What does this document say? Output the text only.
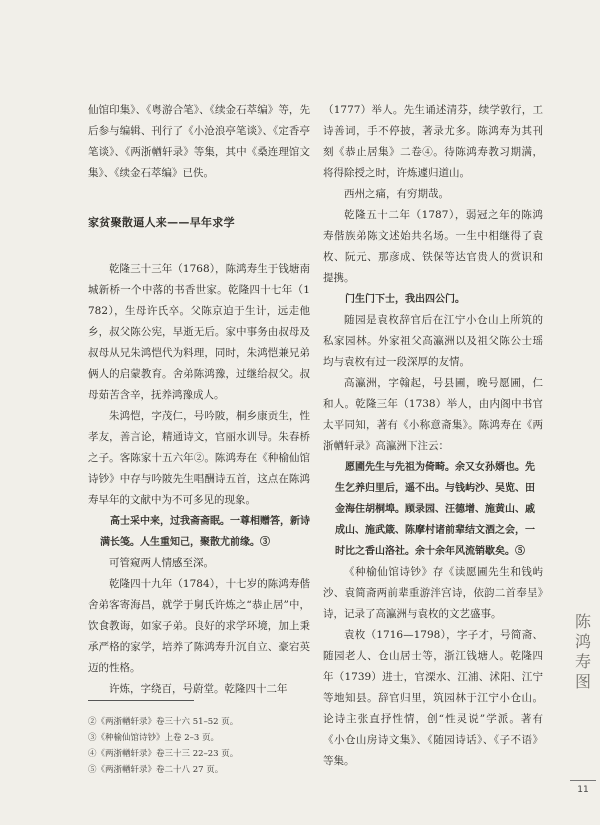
仙馆印集》、《粤游合笔》、《续金石萃编》等，先后参与编辑、刊行了《小沧浪亭笔谈》、《定香亭笔谈》、《两浙輶轩录》等集，其中《桑连理馆文集》、《续金石萃编》已佚。

家贫聚散逼人来——早年求学

乾隆三十三年（1768），陈鸿寿生于钱塘南城新桥一个中落的书香世家。乾隆四十七年（1782），生母许氏卒。父陈京迫于生计，远走他乡，叔父陈公宪，早逝无后。家中事务由叔母及叔母从兄朱鸿恺代为料理，同时，朱鸿恺兼兄弟俩人的启蒙教育。舍弟陈鸿豫，过继给叔父。叔母茹苦含辛，抚养鸿豫成人。

朱鸿恺，字茂仁，号吟陂，桐乡康贡生，性孝友，善言论，精通诗文，官丽水训导。朱春桥之子。客陈家十五六年②。陈鸿寿在《种榆仙馆诗钞》中存与吟陂先生唱酬诗五首，这点在陈鸿寿早年的文献中为不可多见的现象。

高士采中来，过我斋斋眠。一尊相赠答，新诗满长笺。人生重知己，聚散尤前缘。③

可管窥两人情感至深。

乾隆四十九年（1784），十七岁的陈鸿寿偕舍弟客寄海昌，就学于舅氏许炼之“恭止居”中，饮食教诲，如家子弟。良好的求学环境，加上秉承严格的家学，培养了陈鸿寿升沉自立、豪宕英迈的性格。

许炼，字绕百，号蔚堂。乾隆四十二年

（1777）举人。先生诵述清芬，续学敦行，工诗善词，手不停披，著录尤多。陈鸿寿为其刊刻《恭止居集》二卷④。待陈鸿寿教习期满，将得除授之时，许炼遽归道山。

西州之痛，有穷期哉。

乾隆五十二年（1787），弱冠之年的陈鸿寿偕族弟陈文述始共名场。一生中相继得了袁枚、阮元、那彦成、铁保等达官贵人的赏识和提携。

门生门下士，我出四公门。

随园是袁枚辞官后在江宁小仓山上所筑的私家园林。外家祖父高瀛洲以及祖父陈公士瑶均与袁枚有过一段深厚的友情。

高瀛洲，字翰起，号县圃，晚号愿圃，仁和人。乾隆三年（1738）举人，由内阁中书官太平同知，著有《小称意斋集》。陈鸿寿在《两浙輶轩录》高瀛洲下注云：

愿圃先生与先祖为倚畸。余又女孙婿也。先生乞养归里后，遥不出。与钱屿沙、吴览、田金海住胡桐埠。顾录园、汪德增、施黄山、戚成山、施武箴、陈摩村诸前辈结文酒之会，一时比之香山洛社。余十余年风流销歇矣。⑤

《种榆仙馆诗钞》存《读愿圃先生和钱屿沙、袁简斋两前辈重游泮宫诗，依韵二首奉呈》诗，记录了高瀛洲与袁枚的文艺盛事。

袁枚（1716—1798），字子才，号简斋、随园老人、仓山居士等，浙江钱塘人。乾隆四年（1739）进士，官溧水、江浦、沭阳、江宁等地知县。辞官归里，筑园林于江宁小仓山。论诗主张直抒性情，创“性灵说”学派。著有《小仓山房诗文集》、《随园诗话》、《子不语》等集。

②《两浙輶轩录》卷三十六 51–52 页。
③《种榆仙馆诗钞》上卷 2–3 页。
④《两浙輶轩录》卷三十三 22–23 页。
⑤《两浙輶轩录》卷二十八 27 页。
陈鸿寿图
11
